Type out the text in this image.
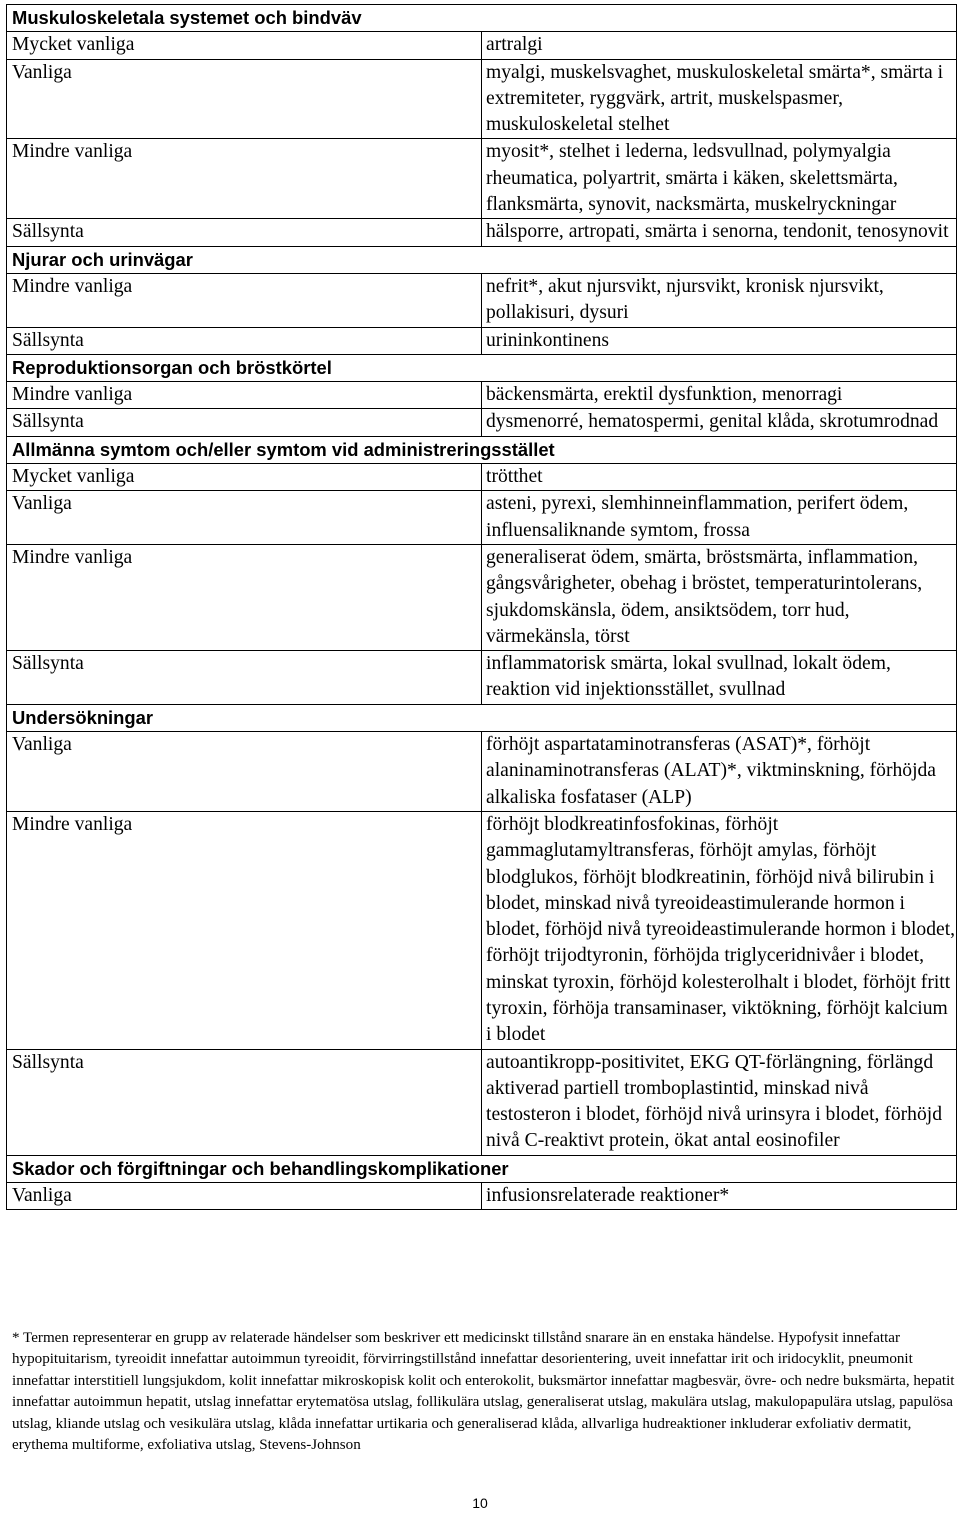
Muskuloskeletala systemet och bindväv	
Mycket vanliga	artralgi
Vanliga	myalgi, muskelsvaghet, muskuloskeletal smärta*, smärta i extremiteter, ryggvärk, artrit, muskelspasmer, muskuloskeletal stelhet
Mindre vanliga	myosit*, stelhet i lederna, ledsvullnad, polymyalgia rheumatica, polyartrit, smärta i käken, skelettsmärta, flanksmärta, synovit, nacksmärta, muskelryckningar
Sällsynta	hälsporre, artropati, smärta i senorna, tendonit, tenosynovit
Njurar och urinvägar	
Mindre vanliga	nefrit*, akut njursvikt, njursvikt, kronisk njursvikt, pollakisuri, dysuri
Sällsynta	urininkontinens
Reproduktionsorgan och bröstkörtel	
Mindre vanliga	bäckensmärta, erektil dysfunktion, menorragi
Sällsynta	dysmenorré, hematospermi, genital klåda, skrotumrodnad
Allmänna symtom och/eller symtom vid administreringsstället	
Mycket vanliga	trötthet
Vanliga	asteni, pyrexi, slemhinneinflammation, perifert ödem, influensaliknande symtom, frossa
Mindre vanliga	generaliserat ödem, smärta, bröstsmärta, inflammation, gångsvårigheter, obehag i bröstet, temperaturintolerans, sjukdomskänsla, ödem, ansiktsödem, torr hud, värmekänsla, törst
Sällsynta	inflammatorisk smärta, lokal svullnad, lokalt ödem, reaktion vid injektionsstället, svullnad
Undersökningar	
Vanliga	förhöjt aspartataminotransferas (ASAT)*, förhöjt alaninaminotransferas (ALAT)*, viktminskning, förhöjda alkaliska fosfataser (ALP)
Mindre vanliga	förhöjt blodkreatinfosfokinas, förhöjt gammaglutamyltransferas, förhöjt amylas, förhöjt blodglukos, förhöjt blodkreatinin, förhöjd nivå bilirubin i blodet, minskad nivå tyreoideastimulerande hormon i blodet, förhöjd nivå tyreoideastimulerande hormon i blodet, förhöjt trijodtyronin, förhöjda triglyceridnivåer i blodet, minskat tyroxin, förhöjd kolesterolhalt i blodet, förhöjt fritt tyroxin, förhöja transaminaser, viktökning, förhöjt kalcium i blodet
Sällsynta	autoantikropp-positivitet, EKG QT-förlängning, förlängd aktiverad partiell tromboplastintid, minskad nivå testosteron i blodet, förhöjd nivå urinsyra i blodet, förhöjd nivå C-reaktivt protein, ökat antal eosinofiler
Skador och förgiftningar och behandlingskomplikationer	
Vanliga	infusionsrelaterade reaktioner*
* Termen representerar en grupp av relaterade händelser som beskriver ett medicinskt tillstånd snarare än en enstaka händelse. Hypofysit innefattar hypopituitarism, tyreoidit innefattar autoimmun tyreoidit, förvirringstillstånd innefattar desorientering, uveit innefattar irit och iridocyklit, pneumonit innefattar interstitiell lungsjukdom, kolit innefattar mikroskopisk kolit och enterokolit, buksmärtor innefattar magbesvär, övre- och nedre buksmärta, hepatit innefattar autoimmun hepatit, utslag innefattar erytematösa utslag, follikulära utslag, generaliserat utslag, makulära utslag, makulopapulära utslag, papulösa utslag, kliande utslag och vesikulära utslag, klåda innefattar urtikaria och generaliserad klåda, allvarliga hudreaktioner inkluderar exfoliativ dermatit, erythema multiforme, exfoliativa utslag, Stevens-Johnson
10
